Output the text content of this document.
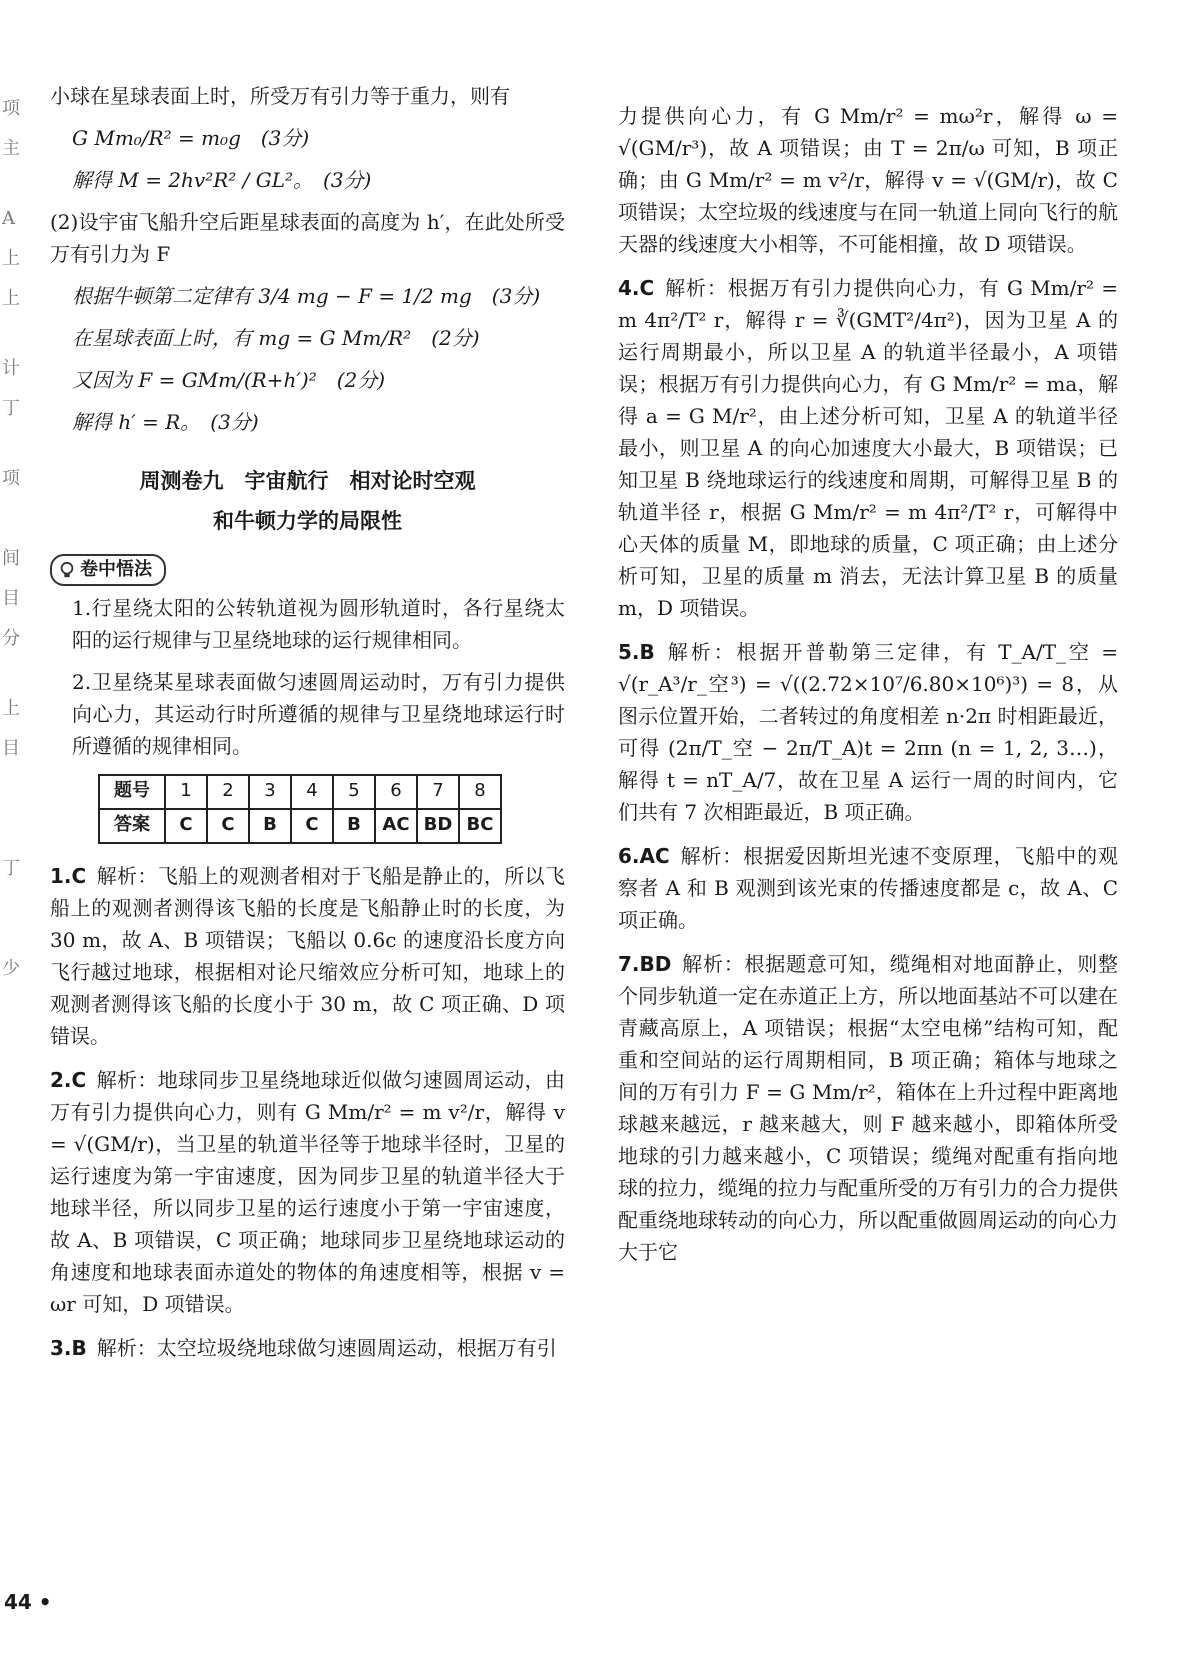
项
主
A
上
上
计
丁
项
间
目
分
上
目
丁
少

小球在星球表面上时，所受万有引力等于重力，则有

G Mm₀/R² = m₀g　(3分)

解得 M = 2hv²R² / GL²。　(3分)

(2)设宇宙飞船升空后距星球表面的高度为 h′，在此处所受万有引力为 F

根据牛顿第二定律有 3/4 mg − F = 1/2 mg　(3分)

在星球表面上时，有 mg = G Mm/R²　(2分)

又因为 F = GMm/(R+h′)²　(2分)

解得 h′ = R。　(3分)

周测卷九　宇宙航行　相对论时空观
和牛顿力学的局限性
卷中悟法

1.行星绕太阳的公转轨道视为圆形轨道时，各行星绕太阳的运行规律与卫星绕地球的运行规律相同。

2.卫星绕某星球表面做匀速圆周运动时，万有引力提供向心力，其运动行时所遵循的规律与卫星绕地球运行时所遵循的规律相同。

题号	1	2	3	4	5	6	7	8
答案	C	C	B	C	B	AC	BD	BC

1.C 解析：飞船上的观测者相对于飞船是静止的，所以飞船上的观测者测得该飞船的长度是飞船静止时的长度，为 30 m，故 A、B 项错误；飞船以 0.6c 的速度沿长度方向飞行越过地球，根据相对论尺缩效应分析可知，地球上的观测者测得该飞船的长度小于 30 m，故 C 项正确、D 项错误。

2.C 解析：地球同步卫星绕地球近似做匀速圆周运动，由万有引力提供向心力，则有 G Mm/r² = m v²/r，解得 v = √(GM/r)，当卫星的轨道半径等于地球半径时，卫星的运行速度为第一宇宙速度，因为同步卫星的轨道半径大于地球半径，所以同步卫星的运行速度小于第一宇宙速度，故 A、B 项错误，C 项正确；地球同步卫星绕地球运动的角速度和地球表面赤道处的物体的角速度相等，根据 v = ωr 可知，D 项错误。

3.B 解析：太空垃圾绕地球做匀速圆周运动，根据万有引

力提供向心力，有 G Mm/r² = mω²r，解得 ω = √(GM/r³)，故 A 项错误；由 T = 2π/ω 可知，B 项正确；由 G Mm/r² = m v²/r，解得 v = √(GM/r)，故 C 项错误；太空垃圾的线速度与在同一轨道上同向飞行的航天器的线速度大小相等，不可能相撞，故 D 项错误。

4.C 解析：根据万有引力提供向心力，有 G Mm/r² = m 4π²/T² r，解得 r = ∛(GMT²/4π²)，因为卫星 A 的运行周期最小，所以卫星 A 的轨道半径最小，A 项错误；根据万有引力提供向心力，有 G Mm/r² = ma，解得 a = G M/r²，由上述分析可知，卫星 A 的轨道半径最小，则卫星 A 的向心加速度大小最大，B 项错误；已知卫星 B 绕地球运行的线速度和周期，可解得卫星 B 的轨道半径 r，根据 G Mm/r² = m 4π²/T² r，可解得中心天体的质量 M，即地球的质量，C 项正确；由上述分析可知，卫星的质量 m 消去，无法计算卫星 B 的质量 m，D 项错误。

5.B 解析：根据开普勒第三定律，有 T_A/T_空 = √(r_A³/r_空³) = √((2.72×10⁷/6.80×10⁶)³) = 8，从图示位置开始，二者转过的角度相差 n·2π 时相距最近，可得 (2π/T_空 − 2π/T_A)t = 2πn (n = 1, 2, 3…)，解得 t = nT_A/7，故在卫星 A 运行一周的时间内，它们共有 7 次相距最近，B 项正确。

6.AC 解析：根据爱因斯坦光速不变原理，飞船中的观察者 A 和 B 观测到该光束的传播速度都是 c，故 A、C 项正确。

7.BD 解析：根据题意可知，缆绳相对地面静止，则整个同步轨道一定在赤道正上方，所以地面基站不可以建在青藏高原上，A 项错误；根据“太空电梯”结构可知，配重和空间站的运行周期相同，B 项正确；箱体与地球之间的万有引力 F = G Mm/r²，箱体在上升过程中距离地球越来越远，r 越来越大，则 F 越来越小，即箱体所受地球的引力越来越小，C 项错误；缆绳对配重有指向地球的拉力，缆绳的拉力与配重所受的万有引力的合力提供配重绕地球转动的向心力，所以配重做圆周运动的向心力大于它

44 •
